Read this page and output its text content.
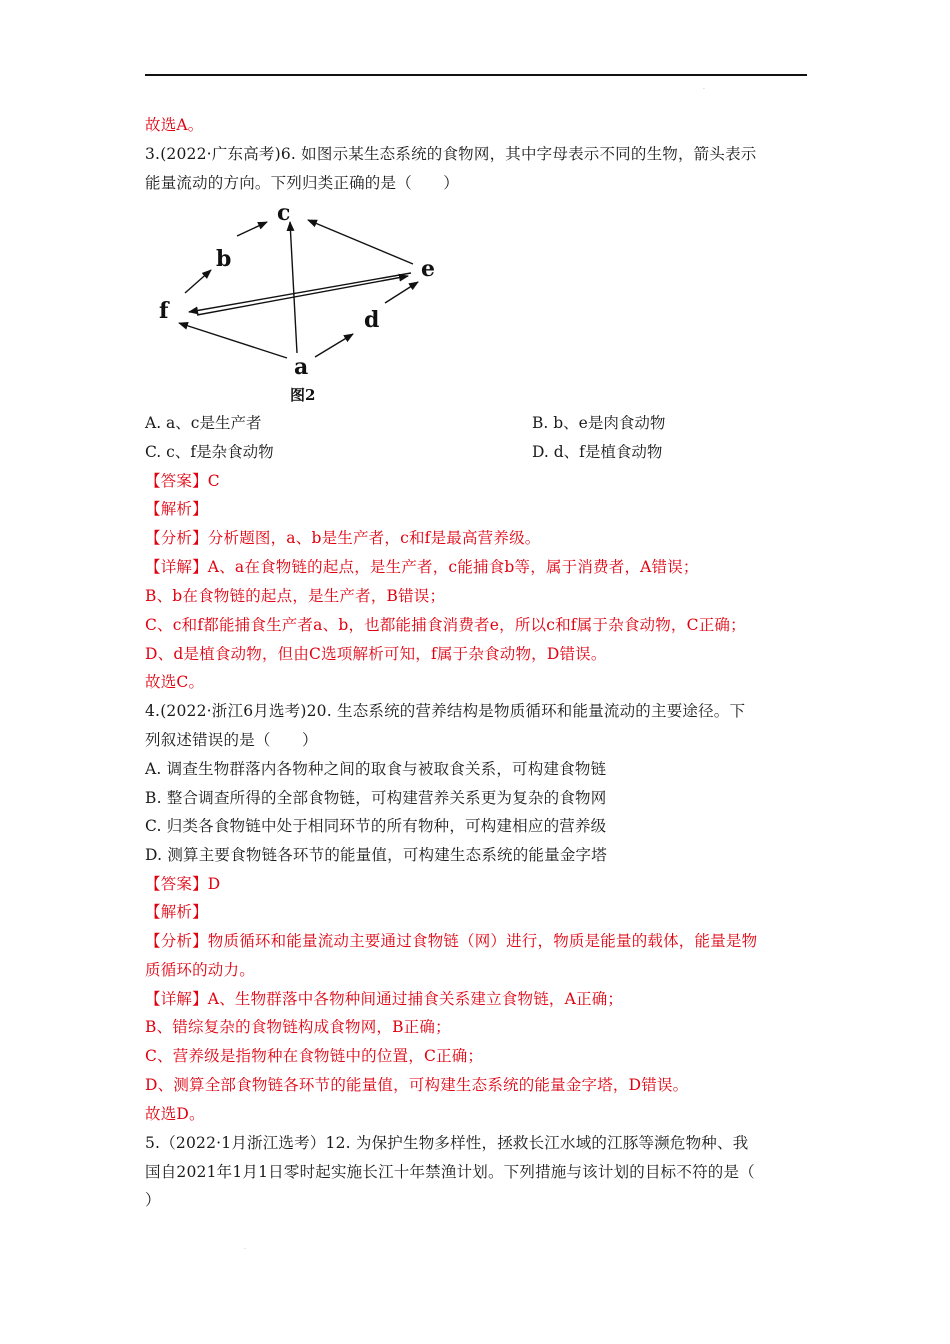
.
故选A。
3.(2022·广东高考)6. 如图示某生态系统的食物网，其中字母表示不同的生物，箭头表示
能量流动的方向。下列归类正确的是（　　）
c
b	e
f	d
a
图2
A. a、c是生产者	B. b、e是肉食动物
C. c、f是杂食动物	D. d、f是植食动物
【答案】C
【解析】
【分析】分析题图，a、b是生产者，c和f是最高营养级。
【详解】A、a在食物链的起点，是生产者，c能捕食b等，属于消费者，A错误；
B、b在食物链的起点，是生产者，B错误；
C、c和f都能捕食生产者a、b，也都能捕食消费者e，所以c和f属于杂食动物，C正确；
D、d是植食动物，但由C选项解析可知，f属于杂食动物，D错误。
故选C。
4.(2022·浙江6月选考)20. 生态系统的营养结构是物质循环和能量流动的主要途径。下
列叙述错误的是（　　）
A. 调查生物群落内各物种之间的取食与被取食关系，可构建食物链
B. 整合调查所得的全部食物链，可构建营养关系更为复杂的食物网
C. 归类各食物链中处于相同环节的所有物种，可构建相应的营养级
D. 测算主要食物链各环节的能量值，可构建生态系统的能量金字塔
【答案】D
【解析】
【分析】物质循环和能量流动主要通过食物链（网）进行，物质是能量的载体，能量是物
质循环的动力。
【详解】A、生物群落中各物种间通过捕食关系建立食物链，A正确；
B、错综复杂的食物链构成食物网，B正确；
C、营养级是指物种在食物链中的位置，C正确；
D、测算全部食物链各环节的能量值，可构建生态系统的能量金字塔，D错误。
故选D。
5.（2022·1月浙江选考）12. 为保护生物多样性，拯救长江水域的江豚等濒危物种、我
国自2021年1月1日零时起实施长江十年禁渔计划。下列措施与该计划的目标不符的是（
）
.
